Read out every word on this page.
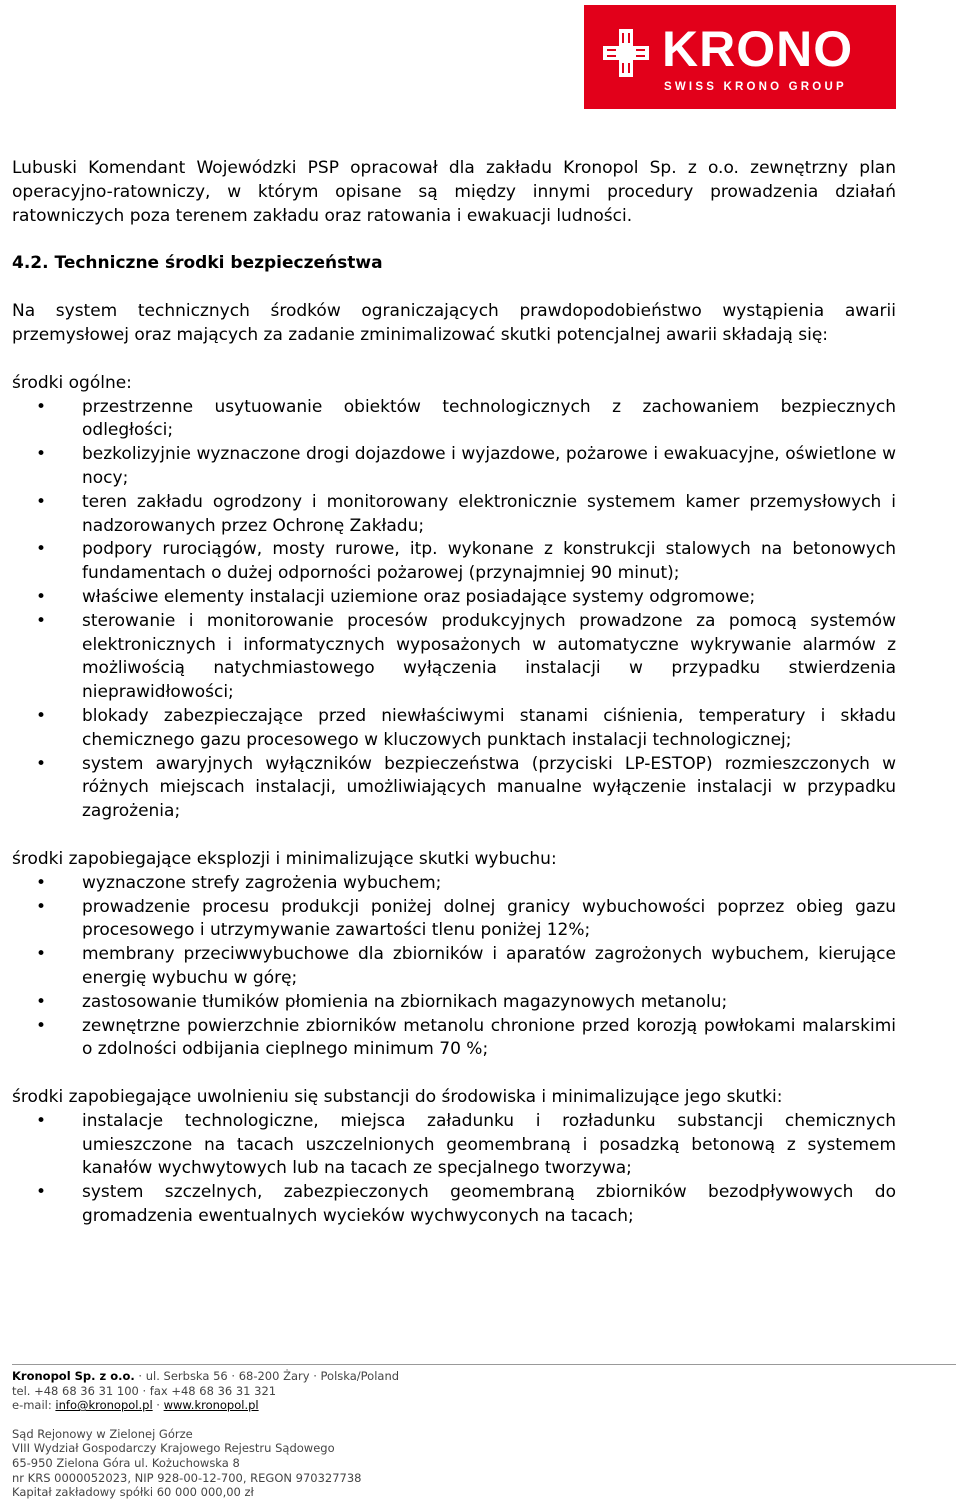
KRONO
SWISS KRONO GROUP

Lubuski Komendant Wojewódzki PSP opracował dla zakładu Kronopol Sp. z o.o. zewnętrzny plan operacyjno-ratowniczy, w którym opisane są między innymi procedury prowadzenia działań ratowniczych poza terenem zakładu oraz ratowania i ewakuacji ludności.

4.2. Techniczne środki bezpieczeństwa

Na system technicznych środków ograniczających prawdopodobieństwo wystąpienia awarii przemysłowej oraz mających za zadanie zminimalizować skutki potencjalnej awarii składają się:

środki ogólne:

• przestrzenne usytuowanie obiektów technologicznych z zachowaniem bezpiecznych odległości;
• bezkolizyjnie wyznaczone drogi dojazdowe i wyjazdowe, pożarowe i ewakuacyjne, oświetlone w nocy;
• teren zakładu ogrodzony i monitorowany elektronicznie systemem kamer przemysłowych i nadzorowanych przez Ochronę Zakładu;
• podpory rurociągów, mosty rurowe, itp. wykonane z konstrukcji stalowych na betonowych fundamentach o dużej odporności pożarowej (przynajmniej 90 minut);
• właściwe elementy instalacji uziemione oraz posiadające systemy odgromowe;
• sterowanie i monitorowanie procesów produkcyjnych prowadzone za pomocą systemów elektronicznych i informatycznych wyposażonych w automatyczne wykrywanie alarmów z możliwością natychmiastowego wyłączenia instalacji w przypadku stwierdzenia nieprawidłowości;
• blokady zabezpieczające przed niewłaściwymi stanami ciśnienia, temperatury i składu chemicznego gazu procesowego w kluczowych punktach instalacji technologicznej;
• system awaryjnych wyłączników bezpieczeństwa (przyciski LP-ESTOP) rozmieszczonych w różnych miejscach instalacji, umożliwiających manualne wyłączenie instalacji w przypadku zagrożenia;

środki zapobiegające eksplozji i minimalizujące skutki wybuchu:

• wyznaczone strefy zagrożenia wybuchem;
• prowadzenie procesu produkcji poniżej dolnej granicy wybuchowości poprzez obieg gazu procesowego i utrzymywanie zawartości tlenu poniżej 12%;
• membrany przeciwwybuchowe dla zbiorników i aparatów zagrożonych wybuchem, kierujące energię wybuchu w górę;
• zastosowanie tłumików płomienia na zbiornikach magazynowych metanolu;
• zewnętrzne powierzchnie zbiorników metanolu chronione przed korozją powłokami malarskimi o zdolności odbijania cieplnego minimum 70 %;

środki zapobiegające uwolnieniu się substancji do środowiska i minimalizujące jego skutki:

• instalacje technologiczne, miejsca załadunku i rozładunku substancji chemicznych umieszczone na tacach uszczelnionych geomembraną i posadzką betonową z systemem kanałów wychwytowych lub na tacach ze specjalnego tworzywa;
• system szczelnych, zabezpieczonych geomembraną zbiorników bezodpływowych do gromadzenia ewentualnych wycieków wychwyconych na tacach;
Kronopol Sp. z o.o. · ul. Serbska 56 · 68-200 Żary · Polska/Poland
tel. +48 68 36 31 100 · fax +48 68 36 31 321
e-mail: info@kronopol.pl · www.kronopol.pl
Sąd Rejonowy w Zielonej Górze
VIII Wydział Gospodarczy Krajowego Rejestru Sądowego
65-950 Zielona Góra ul. Kożuchowska 8
nr KRS 0000052023, NIP 928-00-12-700, REGON 970327738
Kapitał zakładowy spółki 60 000 000,00 zł
